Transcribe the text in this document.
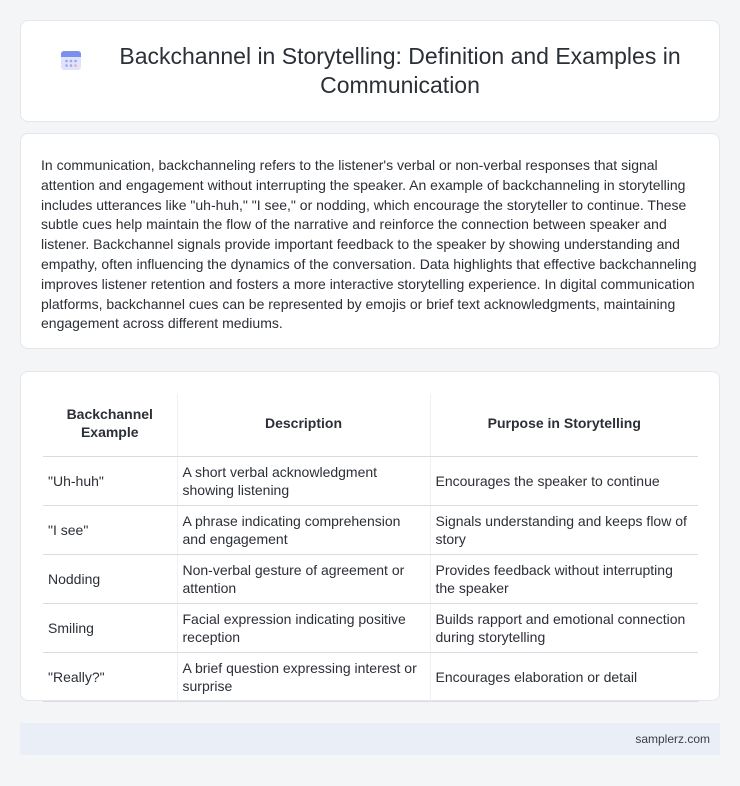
Backchannel in Storytelling: Definition and Examples in Communication

In communication, backchanneling refers to the listener's verbal or non-verbal responses that signal attention and engagement without interrupting the speaker. An example of backchanneling in storytelling includes utterances like "uh-huh," "I see," or nodding, which encourage the storyteller to continue. These subtle cues help maintain the flow of the narrative and reinforce the connection between speaker and listener. Backchannel signals provide important feedback to the speaker by showing understanding and empathy, often influencing the dynamics of the conversation. Data highlights that effective backchanneling improves listener retention and fosters a more interactive storytelling experience. In digital communication platforms, backchannel cues can be represented by emojis or brief text acknowledgments, maintaining engagement across different mediums.

Backchannel Example	Description	Purpose in Storytelling
"Uh-huh"	A short verbal acknowledgment showing listening	Encourages the speaker to continue
"I see"	A phrase indicating comprehension and engagement	Signals understanding and keeps flow of story
Nodding	Non-verbal gesture of agreement or attention	Provides feedback without interrupting the speaker
Smiling	Facial expression indicating positive reception	Builds rapport and emotional connection during storytelling
"Really?"	A brief question expressing interest or surprise	Encourages elaboration or detail
samplerz.com
